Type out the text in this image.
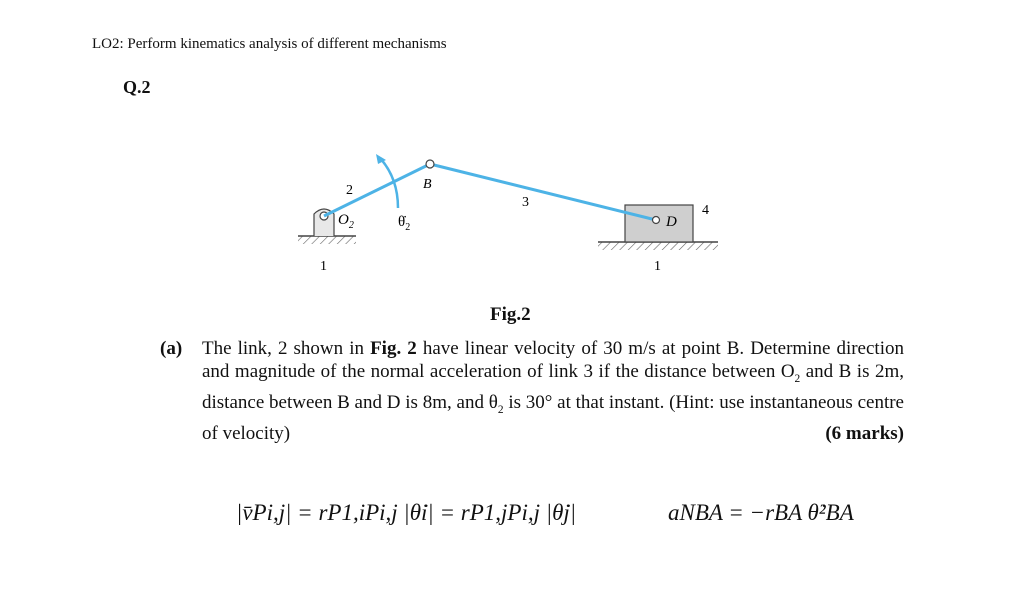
LO2: Perform kinematics analysis of different mechanisms
Q.2
2
$O_2$	$\thetȧ_2$
B
3
D
4
1	1
Fig.2
(a) The link, 2 shown in Fig. 2 have linear velocity of 30 m/s at point B. Determine direction and magnitude of the normal acceleration of link 3 if the distance between $O_2$ and B is 2m, distance between B and D is 8m, and $\theta_2$ is 30° at that instant. (Hint: use instantaneous centre of velocity)	(6 marks)
|v̄Pi,j| = rP1,iPi,j |θ̇i| = rP1,jPi,j |θ̇j|	aNBA = −rBA θ̇²BA
